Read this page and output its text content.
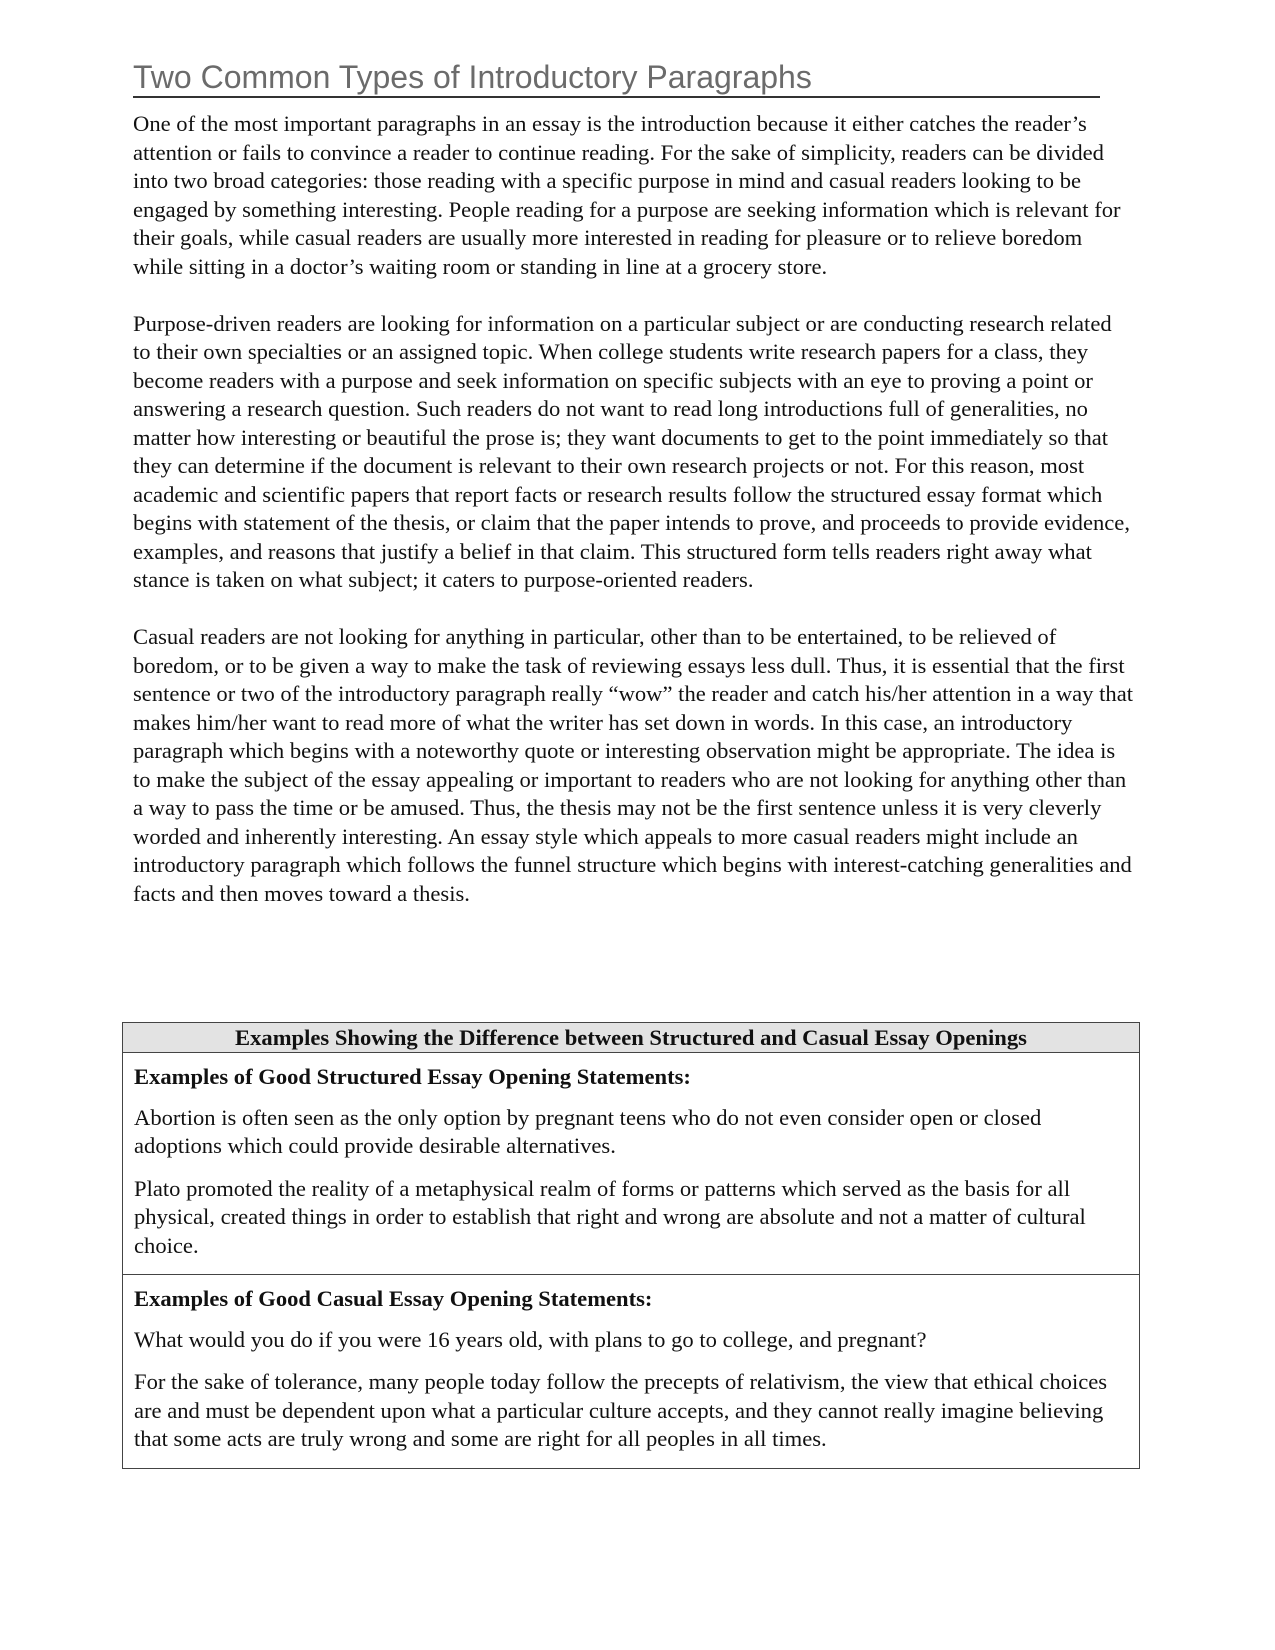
Two Common Types of Introductory Paragraphs

One of the most important paragraphs in an essay is the introduction because it either catches the reader’s attention or fails to convince a reader to continue reading. For the sake of simplicity, readers can be divided into two broad categories: those reading with a specific purpose in mind and casual readers looking to be engaged by something interesting. People reading for a purpose are seeking information which is relevant for their goals, while casual readers are usually more interested in reading for pleasure or to relieve boredom while sitting in a doctor’s waiting room or standing in line at a grocery store.

Purpose-driven readers are looking for information on a particular subject or are conducting research related to their own specialties or an assigned topic. When college students write research papers for a class, they become readers with a purpose and seek information on specific subjects with an eye to proving a point or answering a research question. Such readers do not want to read long introductions full of generalities, no matter how interesting or beautiful the prose is; they want documents to get to the point immediately so that they can determine if the document is relevant to their own research projects or not. For this reason, most academic and scientific papers that report facts or research results follow the structured essay format which begins with statement of the thesis, or claim that the paper intends to prove, and proceeds to provide evidence, examples, and reasons that justify a belief in that claim. This structured form tells readers right away what stance is taken on what subject; it caters to purpose-oriented readers.

Casual readers are not looking for anything in particular, other than to be entertained, to be relieved of boredom, or to be given a way to make the task of reviewing essays less dull. Thus, it is essential that the first sentence or two of the introductory paragraph really “wow” the reader and catch his/her attention in a way that makes him/her want to read more of what the writer has set down in words. In this case, an introductory paragraph which begins with a noteworthy quote or interesting observation might be appropriate. The idea is to make the subject of the essay appealing or important to readers who are not looking for anything other than a way to pass the time or be amused. Thus, the thesis may not be the first sentence unless it is very cleverly worded and inherently interesting. An essay style which appeals to more casual readers might include an introductory paragraph which follows the funnel structure which begins with interest-catching generalities and facts and then moves toward a thesis.

Examples Showing the Difference between Structured and Casual Essay Openings
Examples of Good Structured Essay Opening Statements:

Abortion is often seen as the only option by pregnant teens who do not even consider open or closed adoptions which could provide desirable alternatives.

Plato promoted the reality of a metaphysical realm of forms or patterns which served as the basis for all physical, created things in order to establish that right and wrong are absolute and not a matter of cultural choice.

Examples of Good Casual Essay Opening Statements:

What would you do if you were 16 years old, with plans to go to college, and pregnant?

For the sake of tolerance, many people today follow the precepts of relativism, the view that ethical choices are and must be dependent upon what a particular culture accepts, and they cannot really imagine believing that some acts are truly wrong and some are right for all peoples in all times.
